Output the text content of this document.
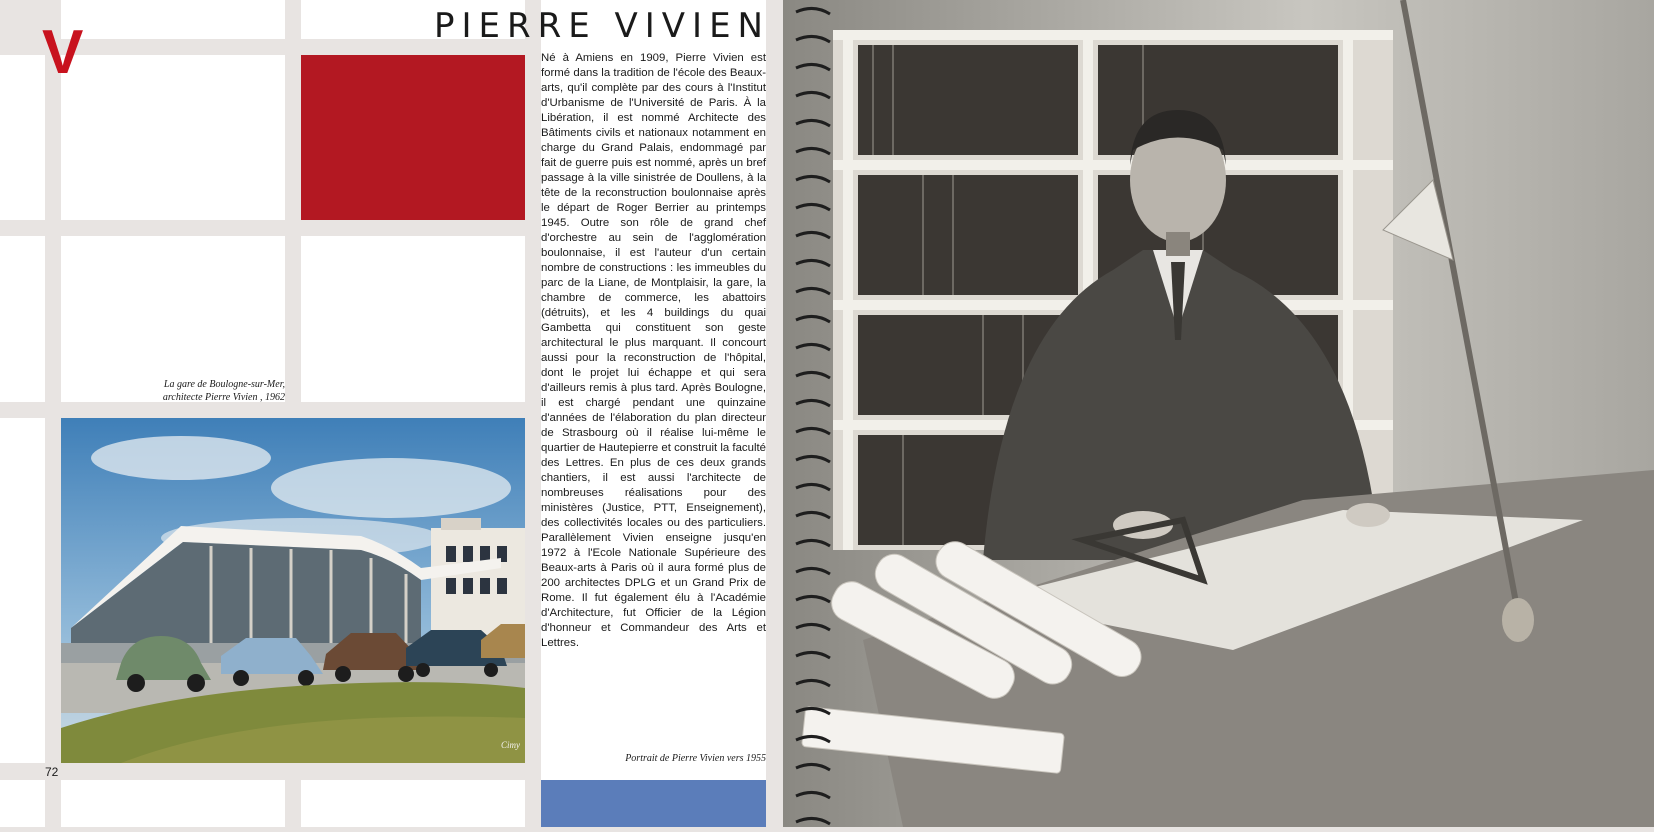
V
La gare de Boulogne-sur-Mer,
architecte Pierre Vivien , 1962
Cimy
PIERRE VIVIEN

Né à Amiens en 1909, Pierre Vivien est formé dans la tradition de l'école des Beaux-arts, qu'il complète par des cours à l'Institut d'Urbanisme de l'Université de Paris. À la Libération, il est nommé Architecte des Bâtiments civils et nationaux notamment en charge du Grand Palais, endommagé par fait de guerre puis est nommé, après un bref passage à la ville sinistrée de Doullens, à la tête de la reconstruction boulonnaise après le départ de Roger Berrier au printemps 1945. Outre son rôle de grand chef d'orchestre au sein de l'agglomération boulonnaise, il est l'auteur d'un certain nombre de constructions : les immeubles du parc de la Liane, de Montplaisir, la gare, la chambre de commerce, les abattoirs (détruits), et les 4 buildings du quai Gambetta qui constituent son geste architectural le plus marquant. Il concourt aussi pour la reconstruction de l'hôpital, dont le projet lui échappe et qui sera d'ailleurs remis à plus tard. Après Boulogne, il est chargé pendant une quinzaine d'années de l'élaboration du plan directeur de Strasbourg où il réalise lui-même le quartier de Hautepierre et construit la faculté des Lettres. En plus de ces deux grands chantiers, il est aussi l'architecte de nombreuses réalisations pour des ministères (Justice, PTT, Enseignement), des collectivités locales ou des particuliers. Parallèlement Vivien enseigne jusqu'en 1972 à l'Ecole Nationale Supérieure des Beaux-arts à Paris où il aura formé plus de 200 architectes DPLG et un Grand Prix de Rome. Il fut également élu à l'Académie d'Architecture, fut Officier de la Légion d'honneur et Commandeur des Arts et Lettres.

Portrait de Pierre Vivien vers 1955
72
